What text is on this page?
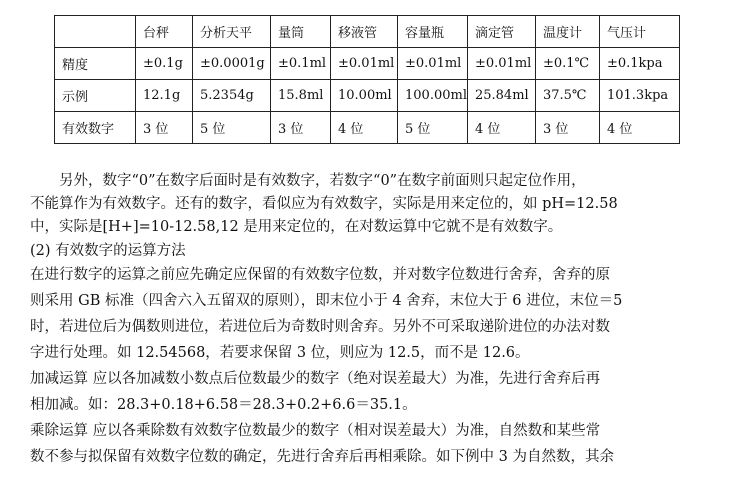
	台秤	分析天平	量筒	移液管	容量瓶	滴定管	温度计	气压计
精度	±0.1g	±0.0001g	±0.1ml	±0.01ml	±0.01ml	±0.01ml	±0.1℃	±0.1kpa
示例	12.1g	5.2354g	15.8ml	10.00ml	100.00ml	25.84ml	37.5℃	101.3kpa
有效数字	3 位	5 位	3 位	4 位	5 位	4 位	3 位	4 位
　　另外，数字“0”在数字后面时是有效数字，若数字“0”在数字前面则只起定位作用，
不能算作为有效数字。还有的数字，看似应为有效数字，实际是用来定位的，如 pH=12.58
中，实际是[H+]=10-12.58,12 是用来定位的，在对数运算中它就不是有效数字。
(2) 有效数字的运算方法
在进行数字的运算之前应先确定应保留的有效数字位数，并对数字位数进行舍弃，舍弃的原
则采用 GB 标准（四舍六入五留双的原则），即末位小于 4 舍弃，末位大于 6 进位，末位＝5
时，若进位后为偶数则进位，若进位后为奇数时则舍弃。另外不可采取递阶进位的办法对数
字进行处理。如 12.54568，若要求保留 3 位，则应为 12.5，而不是 12.6。
加减运算 应以各加减数小数点后位数最少的数字（绝对误差最大）为准，先进行舍弃后再
相加减。如：28.3+0.18+6.58＝28.3+0.2+6.6＝35.1。
乘除运算 应以各乘除数有效数字位数最少的数字（相对误差最大）为准，自然数和某些常
数不参与拟保留有效数字位数的确定，先进行舍弃后再相乘除。如下例中 3 为自然数，其余
